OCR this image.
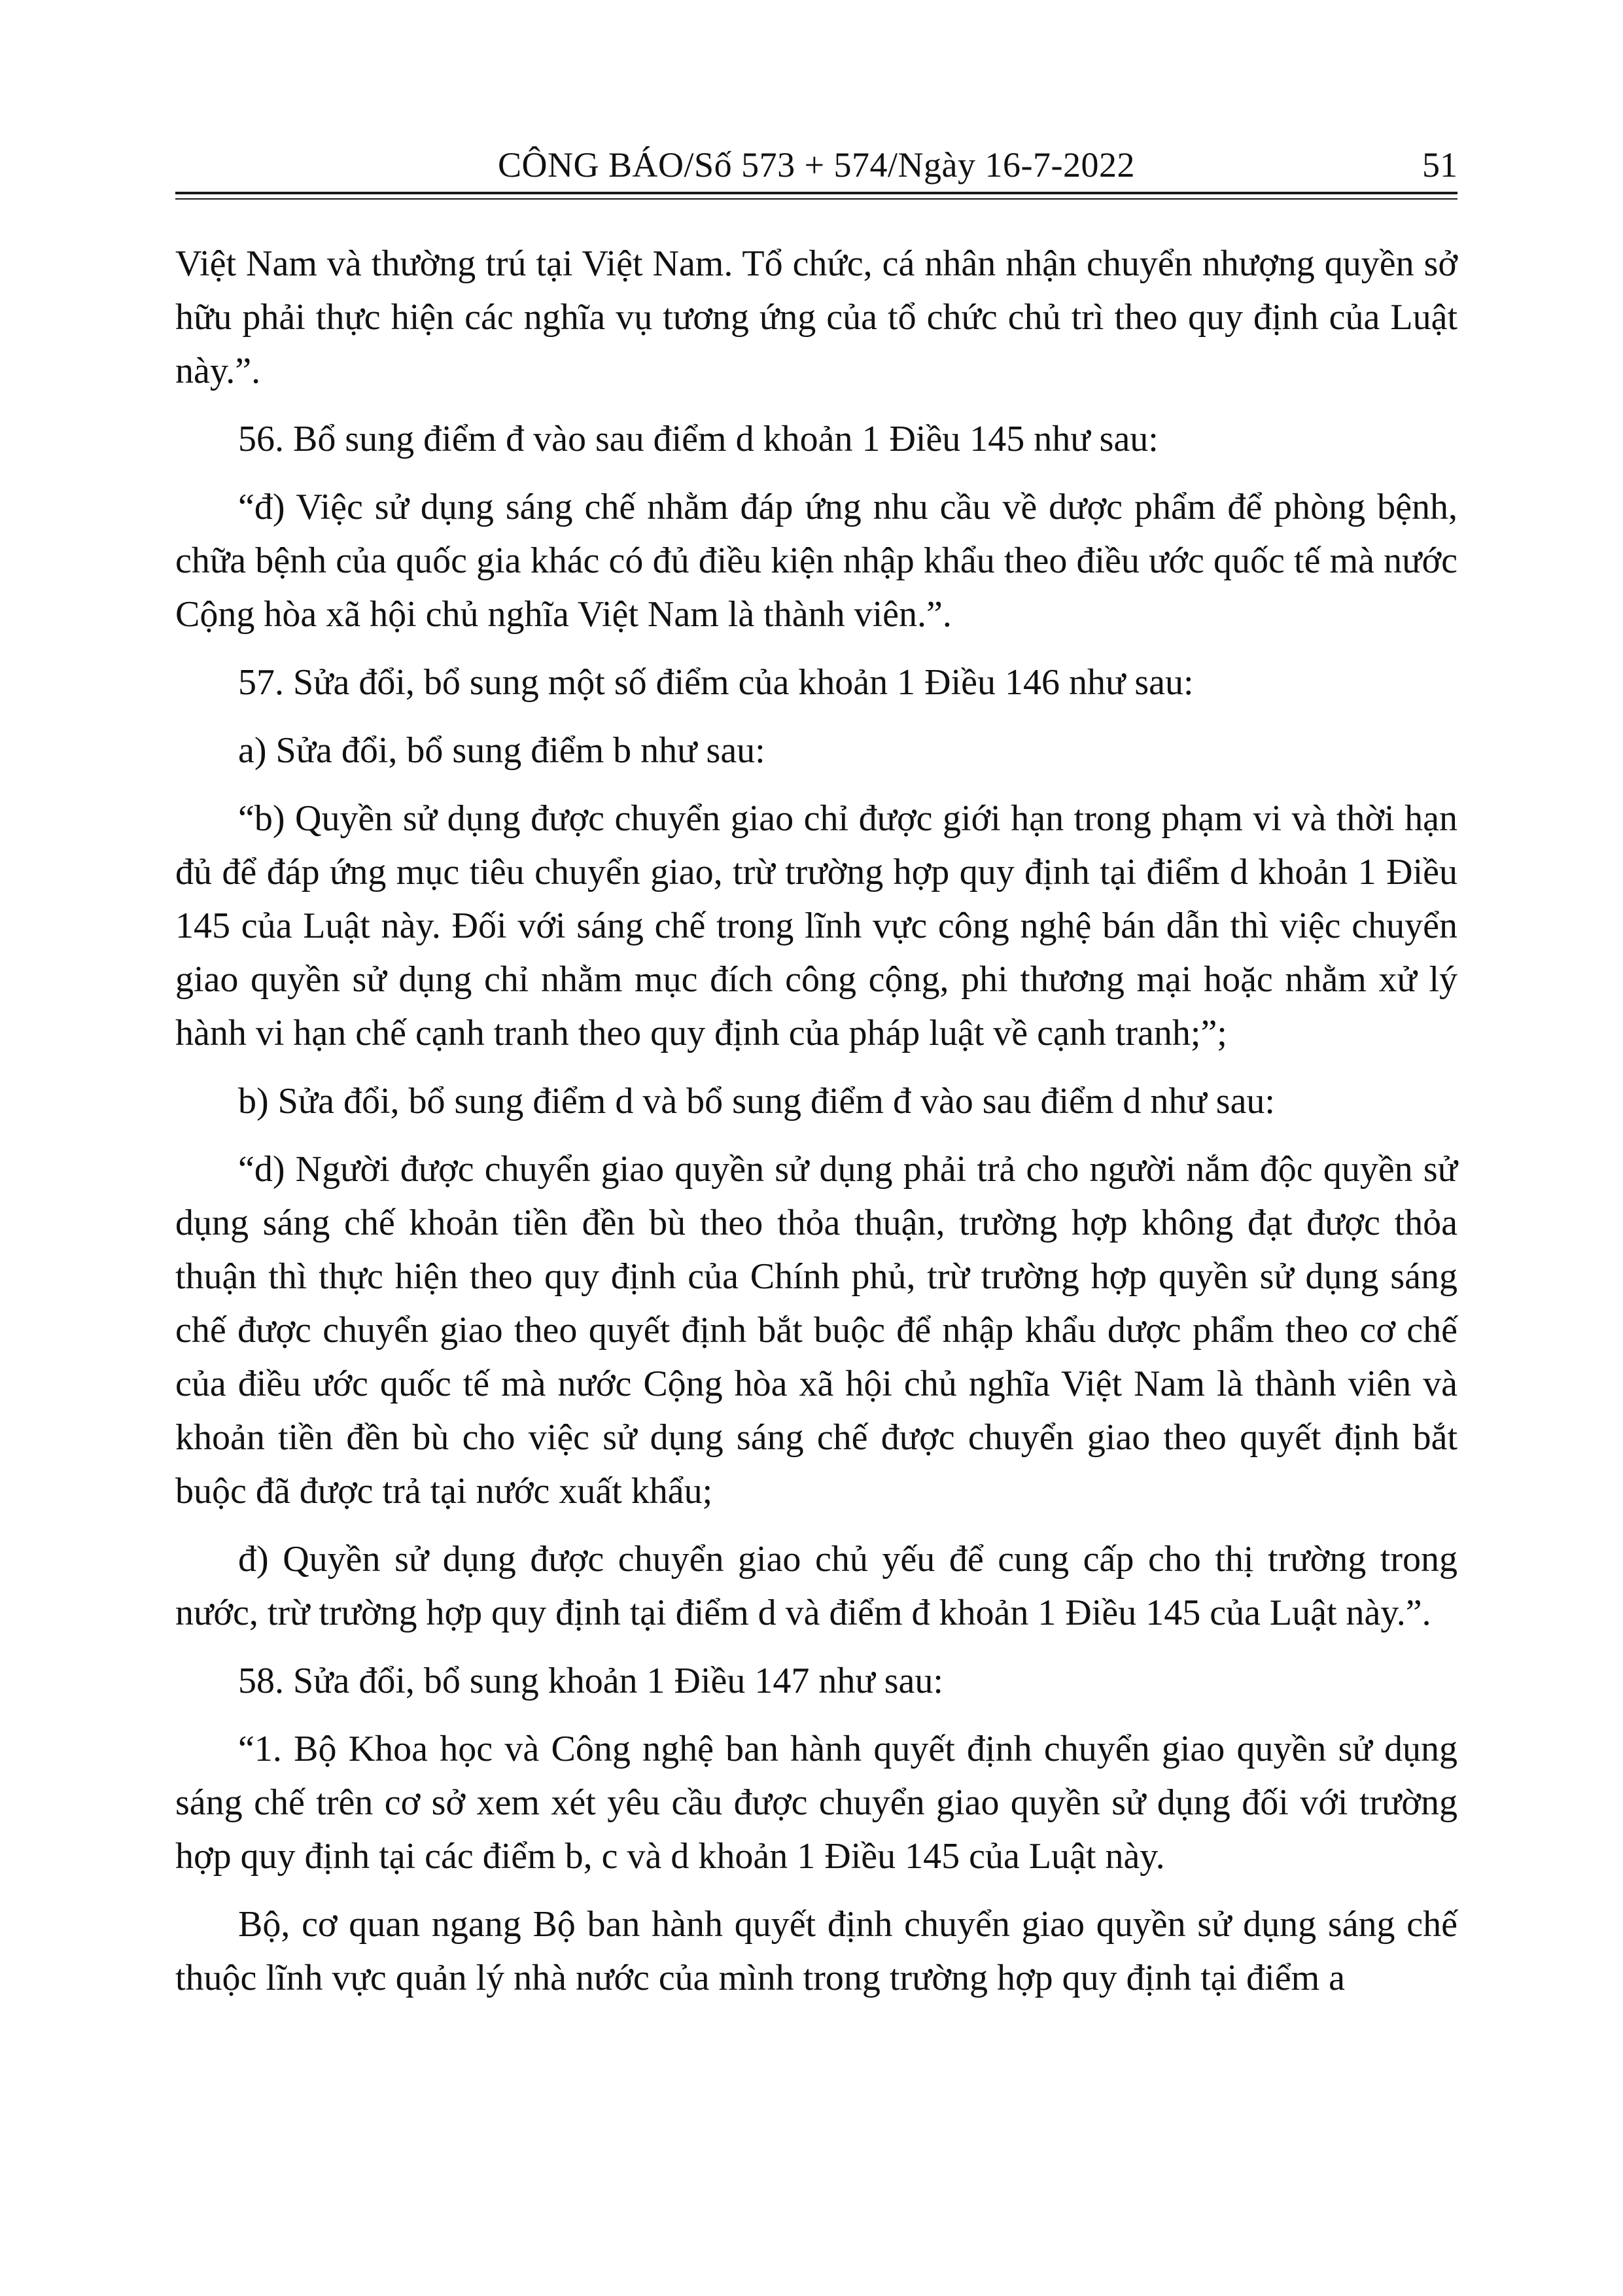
CÔNG BÁO/Số 573 + 574/Ngày 16-7-2022	51

Việt Nam và thường trú tại Việt Nam. Tổ chức, cá nhân nhận chuyển nhượng quyền sở hữu phải thực hiện các nghĩa vụ tương ứng của tổ chức chủ trì theo quy định của Luật này.”.

56. Bổ sung điểm đ vào sau điểm d khoản 1 Điều 145 như sau:

“đ) Việc sử dụng sáng chế nhằm đáp ứng nhu cầu về dược phẩm để phòng bệnh, chữa bệnh của quốc gia khác có đủ điều kiện nhập khẩu theo điều ước quốc tế mà nước Cộng hòa xã hội chủ nghĩa Việt Nam là thành viên.”.

57. Sửa đổi, bổ sung một số điểm của khoản 1 Điều 146 như sau:

a) Sửa đổi, bổ sung điểm b như sau:

“b) Quyền sử dụng được chuyển giao chỉ được giới hạn trong phạm vi và thời hạn đủ để đáp ứng mục tiêu chuyển giao, trừ trường hợp quy định tại điểm d khoản 1 Điều 145 của Luật này. Đối với sáng chế trong lĩnh vực công nghệ bán dẫn thì việc chuyển giao quyền sử dụng chỉ nhằm mục đích công cộng, phi thương mại hoặc nhằm xử lý hành vi hạn chế cạnh tranh theo quy định của pháp luật về cạnh tranh;”;

b) Sửa đổi, bổ sung điểm d và bổ sung điểm đ vào sau điểm d như sau:

“d) Người được chuyển giao quyền sử dụng phải trả cho người nắm độc quyền sử dụng sáng chế khoản tiền đền bù theo thỏa thuận, trường hợp không đạt được thỏa thuận thì thực hiện theo quy định của Chính phủ, trừ trường hợp quyền sử dụng sáng chế được chuyển giao theo quyết định bắt buộc để nhập khẩu dược phẩm theo cơ chế của điều ước quốc tế mà nước Cộng hòa xã hội chủ nghĩa Việt Nam là thành viên và khoản tiền đền bù cho việc sử dụng sáng chế được chuyển giao theo quyết định bắt buộc đã được trả tại nước xuất khẩu;

đ) Quyền sử dụng được chuyển giao chủ yếu để cung cấp cho thị trường trong nước, trừ trường hợp quy định tại điểm d và điểm đ khoản 1 Điều 145 của Luật này.”.

58. Sửa đổi, bổ sung khoản 1 Điều 147 như sau:

“1. Bộ Khoa học và Công nghệ ban hành quyết định chuyển giao quyền sử dụng sáng chế trên cơ sở xem xét yêu cầu được chuyển giao quyền sử dụng đối với trường hợp quy định tại các điểm b, c và d khoản 1 Điều 145 của Luật này.

Bộ, cơ quan ngang Bộ ban hành quyết định chuyển giao quyền sử dụng sáng chế thuộc lĩnh vực quản lý nhà nước của mình trong trường hợp quy định tại điểm a
